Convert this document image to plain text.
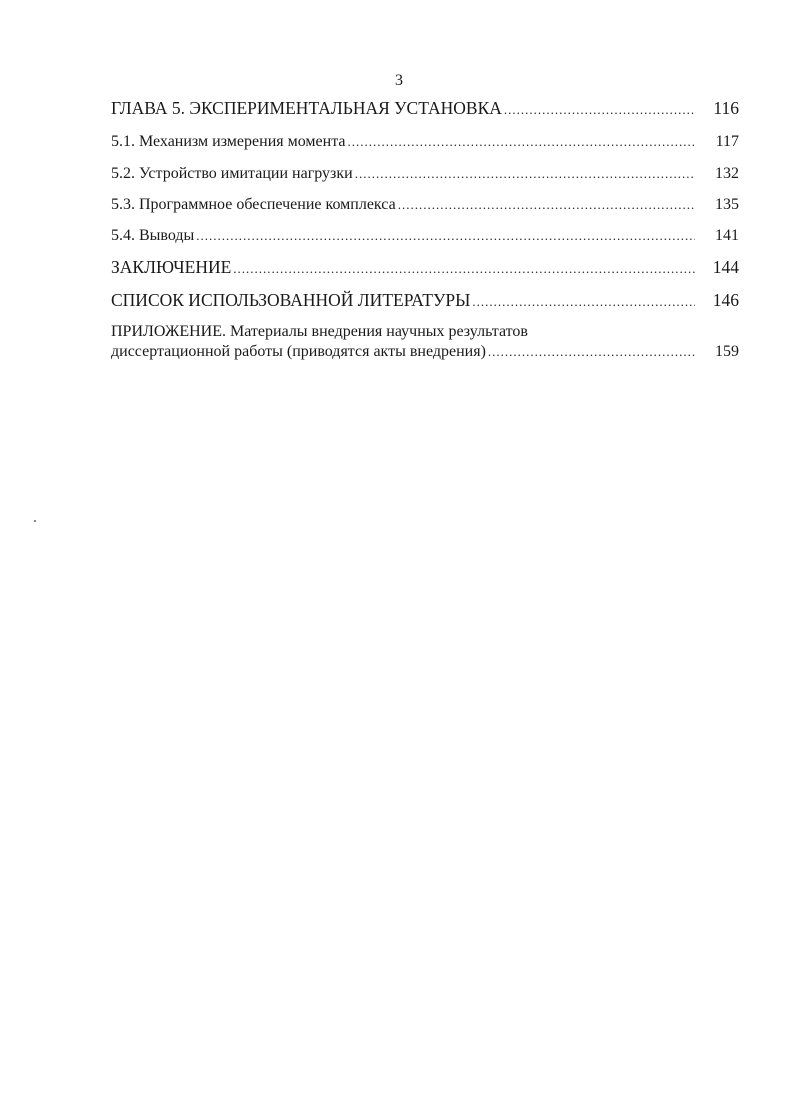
3
ГЛАВА 5. ЭКСПЕРИМЕНТАЛЬНАЯ УСТАНОВКА .....	116
5.1. Механизм измерения момента .....	117
5.2. Устройство имитации нагрузки .....	132
5.3. Программное обеспечение комплекса .....	135
5.4. Выводы .....	141
ЗАКЛЮЧЕНИЕ .....	144
СПИСОК ИСПОЛЬЗОВАННОЙ ЛИТЕРАТУРЫ .....	146
ПРИЛОЖЕНИЕ. Материалы внедрения научных результатов
диссертационной работы (приводятся акты внедрения) .....	159
